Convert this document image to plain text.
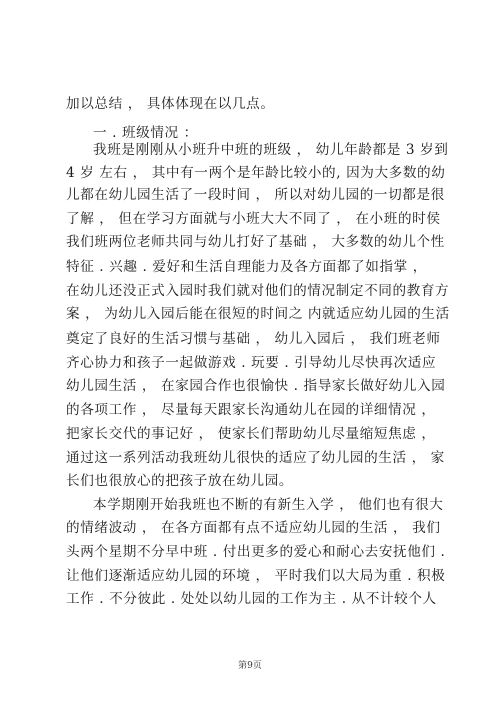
加以总结 ， 具体体现在以几点。
一 . 班级情况 ：
我班是刚刚从小班升中班的班级 ， 幼儿年龄都是 3 岁到
4 岁 左右 ， 其中有一两个是年龄比较小的, 因为大多数的幼
儿都在幼儿园生活了一段时间 ， 所以对幼儿园的一切都是很
了解 ， 但在学习方面就与小班大大不同了 ， 在小班的时侯
我们班两位老师共同与幼儿打好了基础 ， 大多数的幼儿个性
特征 . 兴趣 . 爱好和生活自理能力及各方面都了如指掌 ，
在幼儿还没正式入园时我们就对他们的情况制定不同的教育方
案 ， 为幼儿入园后能在很短的时间之 内就适应幼儿园的生活
奠定了良好的生活习惯与基础 ， 幼儿入园后 ， 我们班老师
齐心协力和孩子一起做游戏 . 玩要 . 引导幼儿尽快再次适应
幼儿园生活 ， 在家园合作也很愉快 . 指导家长做好幼儿入园
的各项工作 ， 尽量每天跟家长沟通幼儿在园的详细情况 ，
把家长交代的事记好 ， 使家长们帮助幼儿尽量缩短焦虑 ，
通过这一系列活动我班幼儿很快的适应了幼儿园的生活 ， 家
长们也很放心的把孩子放在幼儿园。
本学期刚开始我班也不断的有新生入学 ， 他们也有很大
的情绪波动 ， 在各方面都有点不适应幼儿园的生活 ， 我们
头两个星期不分早中班 . 付出更多的爱心和耐心去安抚他们 .
让他们逐渐适应幼儿园的环境 ， 平时我们以大局为重 . 积极
工作 . 不分彼此 . 处处以幼儿园的工作为主 . 从不计较个人
第9页
